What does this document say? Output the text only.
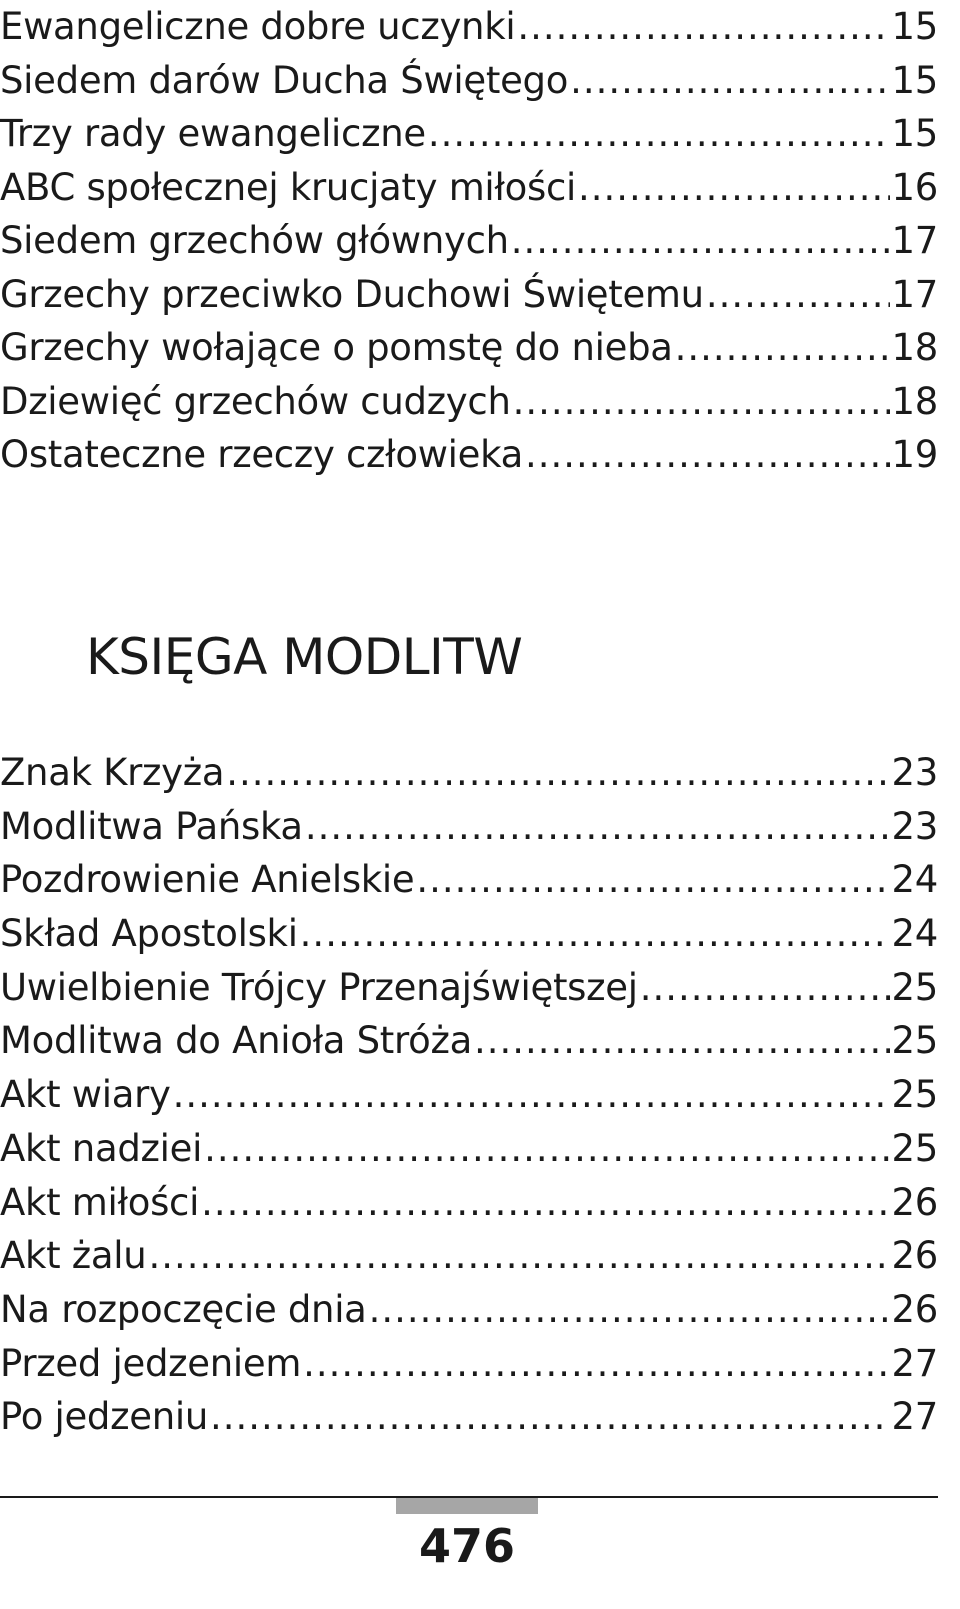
Ewangeliczne dobre uczynki .....	15
Siedem darów Ducha Świętego .....	15
Trzy rady ewangeliczne .....	15
ABC społecznej krucjaty miłości .....	16
Siedem grzechów głównych .....	17
Grzechy przeciwko Duchowi Świętemu .....	17
Grzechy wołające o pomstę do nieba .....	18
Dziewięć grzechów cudzych .....	18
Ostateczne rzeczy człowieka .....	19
KSIĘGA MODLITW
Znak Krzyża .....	23
Modlitwa Pańska .....	23
Pozdrowienie Anielskie .....	24
Skład Apostolski .....	24
Uwielbienie Trójcy Przenajświętszej .....	25
Modlitwa do Anioła Stróża .....	25
Akt wiary .....	25
Akt nadziei .....	25
Akt miłości .....	26
Akt żalu .....	26
Na rozpoczęcie dnia .....	26
Przed jedzeniem .....	27
Po jedzeniu .....	27
476
